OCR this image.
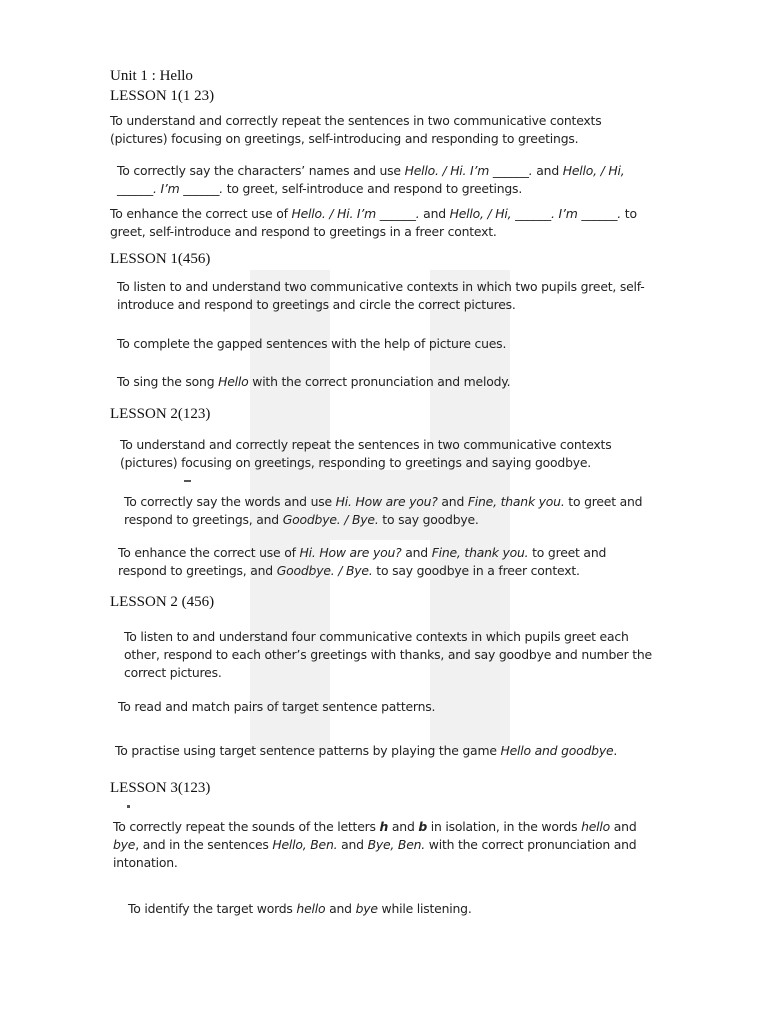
Unit 1 : Hello
LESSON 1(1 23)

To understand and correctly repeat the sentences in two communicative contexts (pictures) focusing on greetings, self-introducing and responding to greetings.

To correctly say the characters’ names and use Hello. / Hi. I’m ______. and Hello, / Hi, ______. I’m ______. to greet, self-introduce and respond to greetings.

To enhance the correct use of Hello. / Hi. I’m ______. and Hello, / Hi, ______. I’m ______. to greet, self-introduce and respond to greetings in a freer context.

LESSON 1(456)

To listen to and understand two communicative contexts in which two pupils greet, self-introduce and respond to greetings and circle the correct pictures.

To complete the gapped sentences with the help of picture cues.

To sing the song Hello with the correct pronunciation and melody.

LESSON 2(123)

To understand and correctly repeat the sentences in two communicative contexts (pictures) focusing on greetings, responding to greetings and saying goodbye.

To correctly say the words and use Hi. How are you? and Fine, thank you. to greet and respond to greetings, and Goodbye. / Bye. to say goodbye.

To enhance the correct use of Hi. How are you? and Fine, thank you. to greet and respond to greetings, and Goodbye. / Bye. to say goodbye in a freer context.

LESSON 2 (456)

To listen to and understand four communicative contexts in which pupils greet each other, respond to each other’s greetings with thanks, and say goodbye and number the correct pictures.

To read and match pairs of target sentence patterns.

To practise using target sentence patterns by playing the game Hello and goodbye.

LESSON 3(123)

To correctly repeat the sounds of the letters h and b in isolation, in the words hello and bye, and in the sentences Hello, Ben. and Bye, Ben. with the correct pronunciation and intonation.

To identify the target words hello and bye while listening.
